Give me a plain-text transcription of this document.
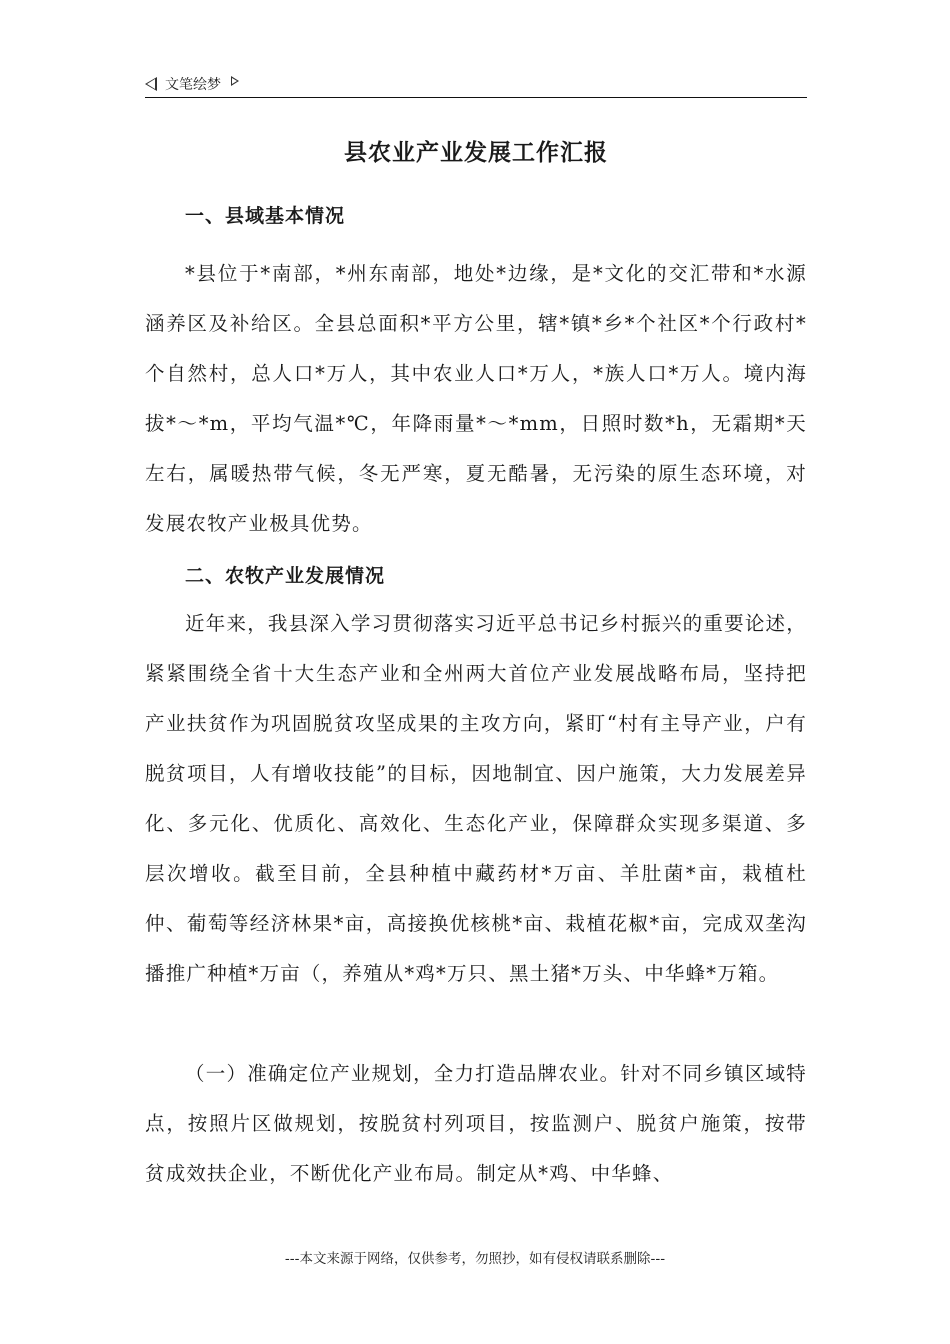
文笔绘梦
县农业产业发展工作汇报
一、县域基本情况

*县位于*南部，*州东南部，地处*边缘，是*文化的交汇带和*水源涵养区及补给区。全县总面积*平方公里，辖*镇*乡*个社区*个行政村*个自然村，总人口*万人，其中农业人口*万人，*族人口*万人。境内海拔*～*m，平均气温*℃，年降雨量*～*mm，日照时数*h，无霜期*天左右，属暖热带气候，冬无严寒，夏无酷暑，无污染的原生态环境，对发展农牧产业极具优势。

二、农牧产业发展情况

近年来，我县深入学习贯彻落实习近平总书记乡村振兴的重要论述，紧紧围绕全省十大生态产业和全州两大首位产业发展战略布局，坚持把产业扶贫作为巩固脱贫攻坚成果的主攻方向，紧盯“村有主导产业，户有脱贫项目，人有增收技能”的目标，因地制宜、因户施策，大力发展差异化、多元化、优质化、高效化、生态化产业，保障群众实现多渠道、多层次增收。截至目前，全县种植中藏药材*万亩、羊肚菌*亩，栽植杜仲、葡萄等经济林果*亩，高接换优核桃*亩、栽植花椒*亩，完成双垄沟播推广种植*万亩（，养殖从*鸡*万只、黑土猪*万头、中华蜂*万箱。

（一）准确定位产业规划，全力打造品牌农业。针对不同乡镇区域特点，按照片区做规划，按脱贫村列项目，按监测户、脱贫户施策，按带贫成效扶企业，不断优化产业布局。制定从*鸡、中华蜂、

---本文来源于网络，仅供参考，勿照抄，如有侵权请联系删除---
